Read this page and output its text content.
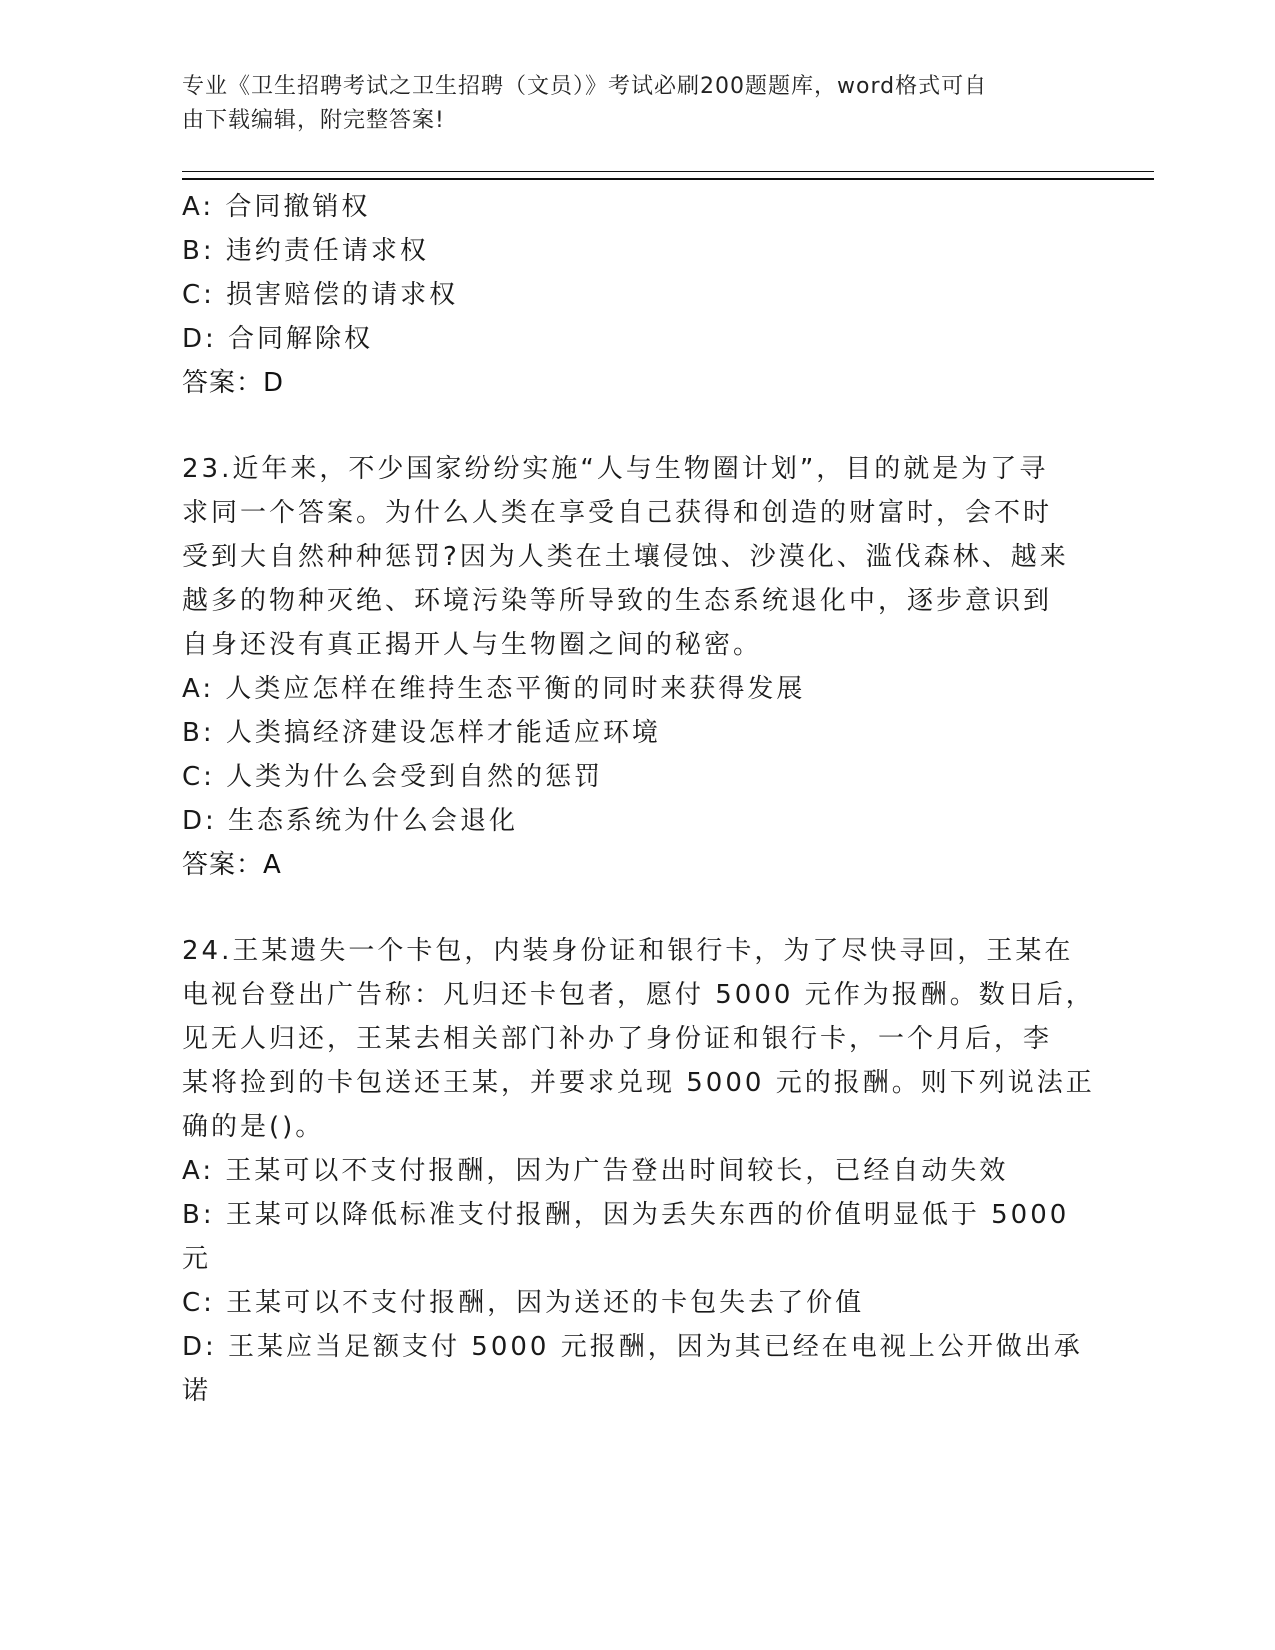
专业《卫生招聘考试之卫生招聘（文员）》考试必刷200题题库，word格式可自
由下载编辑，附完整答案!
A: 合同撤销权
B: 违约责任请求权
C: 损害赔偿的请求权
D: 合同解除权
答案：D
23.近年来，不少国家纷纷实施“人与生物圈计划”，目的就是为了寻
求同一个答案。为什么人类在享受自己获得和创造的财富时，会不时
受到大自然种种惩罚?因为人类在土壤侵蚀、沙漠化、滥伐森林、越来
越多的物种灭绝、环境污染等所导致的生态系统退化中，逐步意识到
自身还没有真正揭开人与生物圈之间的秘密。
A: 人类应怎样在维持生态平衡的同时来获得发展
B: 人类搞经济建设怎样才能适应环境
C: 人类为什么会受到自然的惩罚
D: 生态系统为什么会退化
答案：A
24.王某遗失一个卡包，内装身份证和银行卡，为了尽快寻回，王某在
电视台登出广告称：凡归还卡包者，愿付 5000 元作为报酬。数日后，
见无人归还，王某去相关部门补办了身份证和银行卡，一个月后，李
某将捡到的卡包送还王某，并要求兑现 5000 元的报酬。则下列说法正
确的是()。
A: 王某可以不支付报酬，因为广告登出时间较长，已经自动失效
B: 王某可以降低标准支付报酬，因为丢失东西的价值明显低于 5000
元
C: 王某可以不支付报酬，因为送还的卡包失去了价值
D: 王某应当足额支付 5000 元报酬，因为其已经在电视上公开做出承
诺
